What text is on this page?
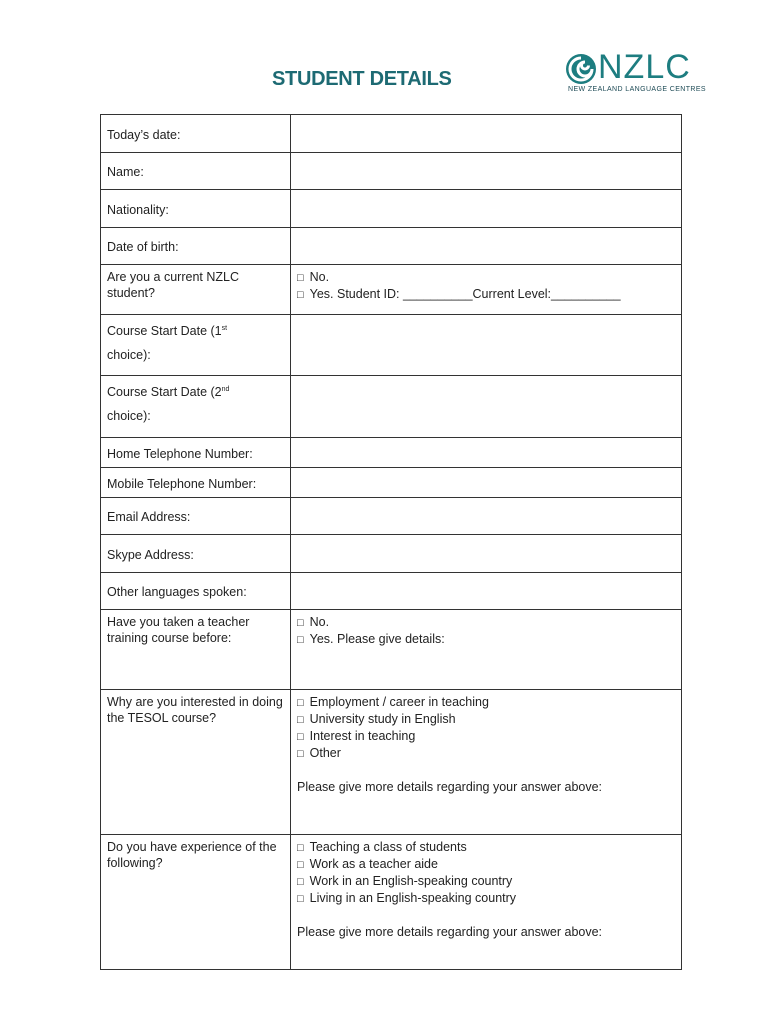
STUDENT DETAILS	NZLC
NEW ZEALAND LANGUAGE CENTRES
Today’s date:	
Name:	
Nationality:	
Date of birth:	
Are you a current NZLC student?	□ No.
□ Yes. Student ID: __________Current Level:__________

Course Start Date (1st
choice):	
Course Start Date (2nd
choice):	
Home Telephone Number:	
Mobile Telephone Number:	
Email Address:	
Skype Address:	
Other languages spoken:	
Have you taken a teacher training course before:	□ No.
□ Yes. Please give details:

Why are you interested in doing the TESOL course?	□ Employment / career in teaching
□ University study in English
□ Interest in teaching
□ Other
Please give more details regarding your answer above:

Do you have experience of the following?	□ Teaching a class of students
□ Work as a teacher aide
□ Work in an English-speaking country
□ Living in an English-speaking country
Please give more details regarding your answer above:
